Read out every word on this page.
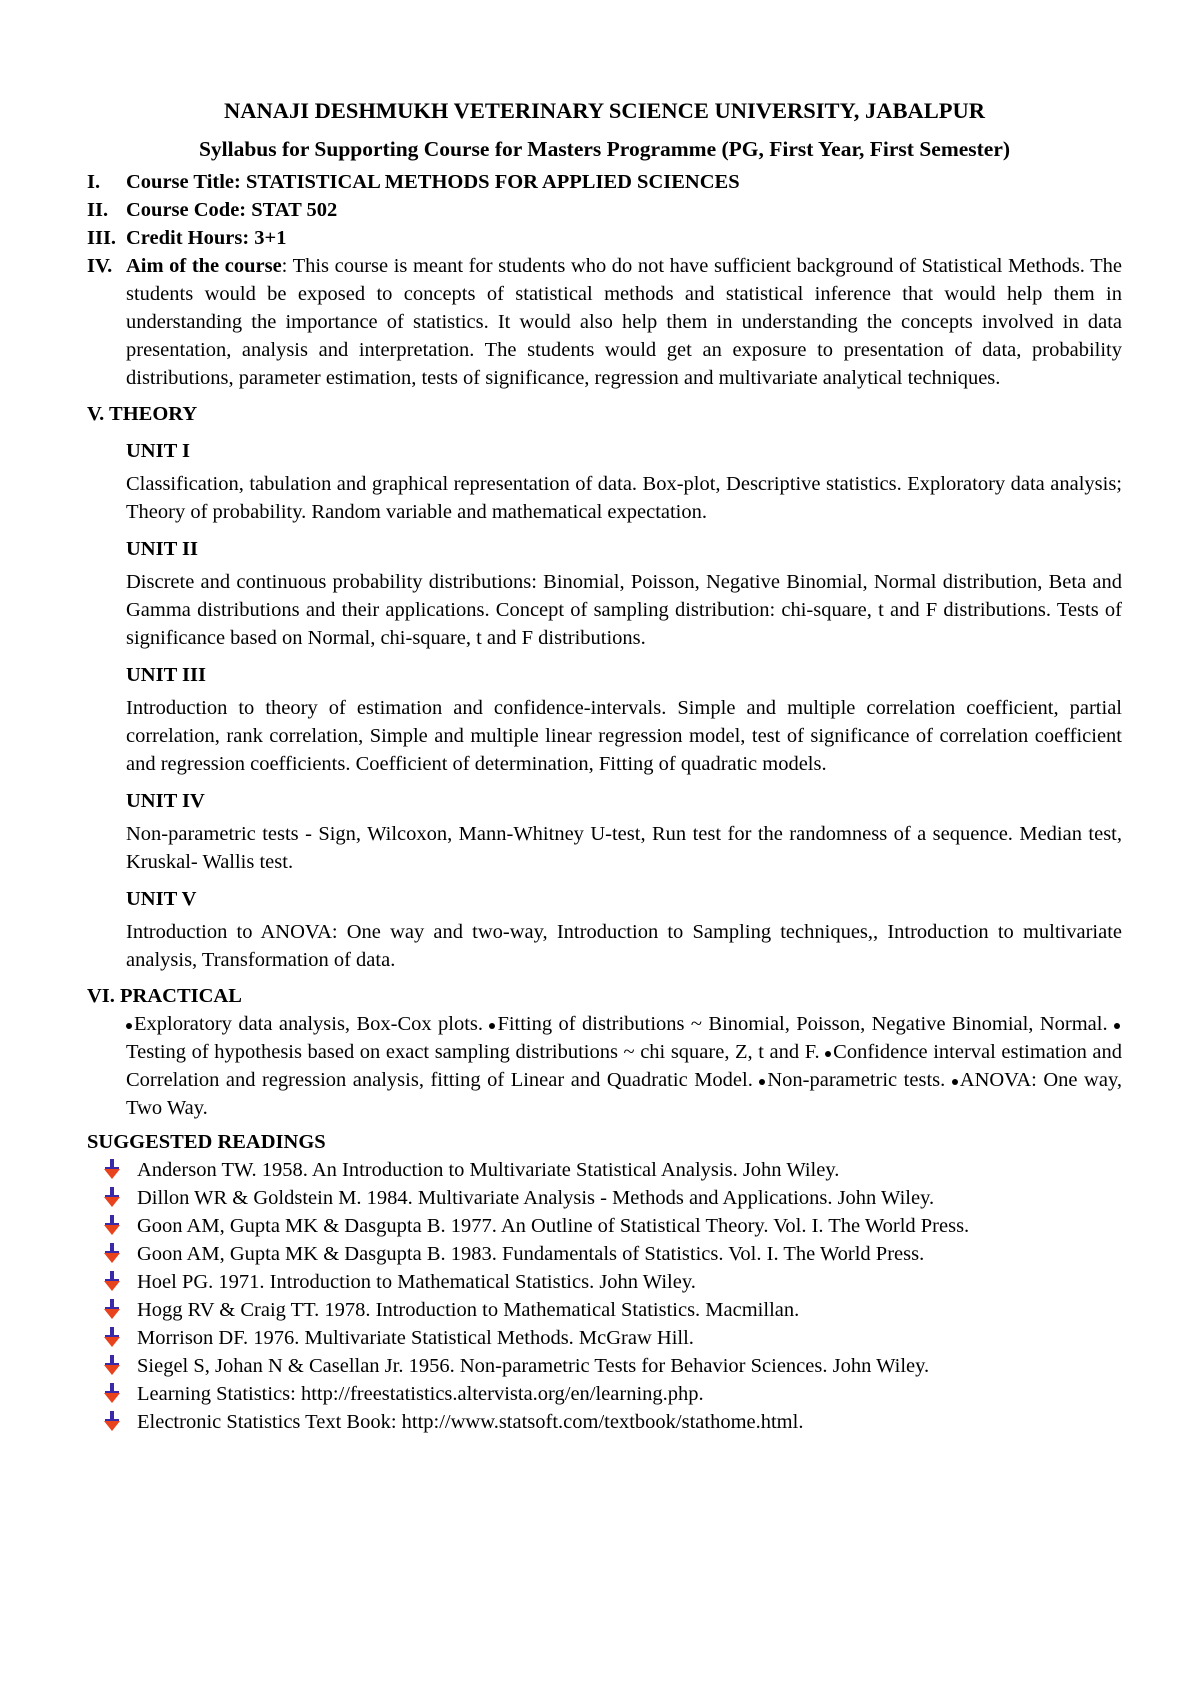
NANAJI DESHMUKH VETERINARY SCIENCE UNIVERSITY, JABALPUR
Syllabus for Supporting Course for Masters Programme (PG, First Year, First Semester)
I.	Course Title: STATISTICAL METHODS FOR APPLIED SCIENCES
II. Course Code: STAT 502
III. Credit Hours: 3+1
IV. Aim of the course: This course is meant for students who do not have sufficient background of Statistical Methods. The students would be exposed to concepts of statistical methods and statistical inference that would help them in understanding the importance of statistics. It would also help them in understanding the concepts involved in data presentation, analysis and interpretation. The students would get an exposure to presentation of data, probability distributions, parameter estimation, tests of significance, regression and multivariate analytical techniques.
V. THEORY
UNIT I
Classification, tabulation and graphical representation of data. Box-plot, Descriptive statistics. Exploratory data analysis; Theory of probability. Random variable and mathematical expectation.
UNIT II
Discrete and continuous probability distributions: Binomial, Poisson, Negative Binomial, Normal distribution, Beta and Gamma distributions and their applications. Concept of sampling distribution: chi-square, t and F distributions. Tests of significance based on Normal, chi-square, t and F distributions.
UNIT III
Introduction to theory of estimation and confidence-intervals. Simple and multiple correlation coefficient, partial correlation, rank correlation, Simple and multiple linear regression model, test of significance of correlation coefficient and regression coefficients. Coefficient of determination, Fitting of quadratic models.
UNIT IV
Non-parametric tests - Sign, Wilcoxon, Mann-Whitney U-test, Run test for the randomness of a sequence. Median test, Kruskal- Wallis test.
UNIT V
Introduction to ANOVA: One way and two-way, Introduction to Sampling techniques,, Introduction to multivariate analysis, Transformation of data.
VI. PRACTICAL
Exploratory data analysis, Box-Cox plots. Fitting of distributions ~ Binomial, Poisson, Negative Binomial, Normal. Testing of hypothesis based on exact sampling distributions ~ chi square, Z, t and F. Confidence interval estimation and Correlation and regression analysis, fitting of Linear and Quadratic Model. Non-parametric tests. ANOVA: One way, Two Way.
SUGGESTED READINGS
Anderson TW. 1958. An Introduction to Multivariate Statistical Analysis. John Wiley.
Dillon WR & Goldstein M. 1984. Multivariate Analysis - Methods and Applications. John Wiley.
Goon AM, Gupta MK & Dasgupta B. 1977. An Outline of Statistical Theory. Vol. I. The World Press.
Goon AM, Gupta MK & Dasgupta B. 1983. Fundamentals of Statistics. Vol. I. The World Press.
Hoel PG. 1971. Introduction to Mathematical Statistics. John Wiley.
Hogg RV & Craig TT. 1978. Introduction to Mathematical Statistics. Macmillan.
Morrison DF. 1976. Multivariate Statistical Methods. McGraw Hill.
Siegel S, Johan N & Casellan Jr. 1956. Non-parametric Tests for Behavior Sciences. John Wiley.
Learning Statistics: http://freestatistics.altervista.org/en/learning.php.
Electronic Statistics Text Book: http://www.statsoft.com/textbook/stathome.html.
